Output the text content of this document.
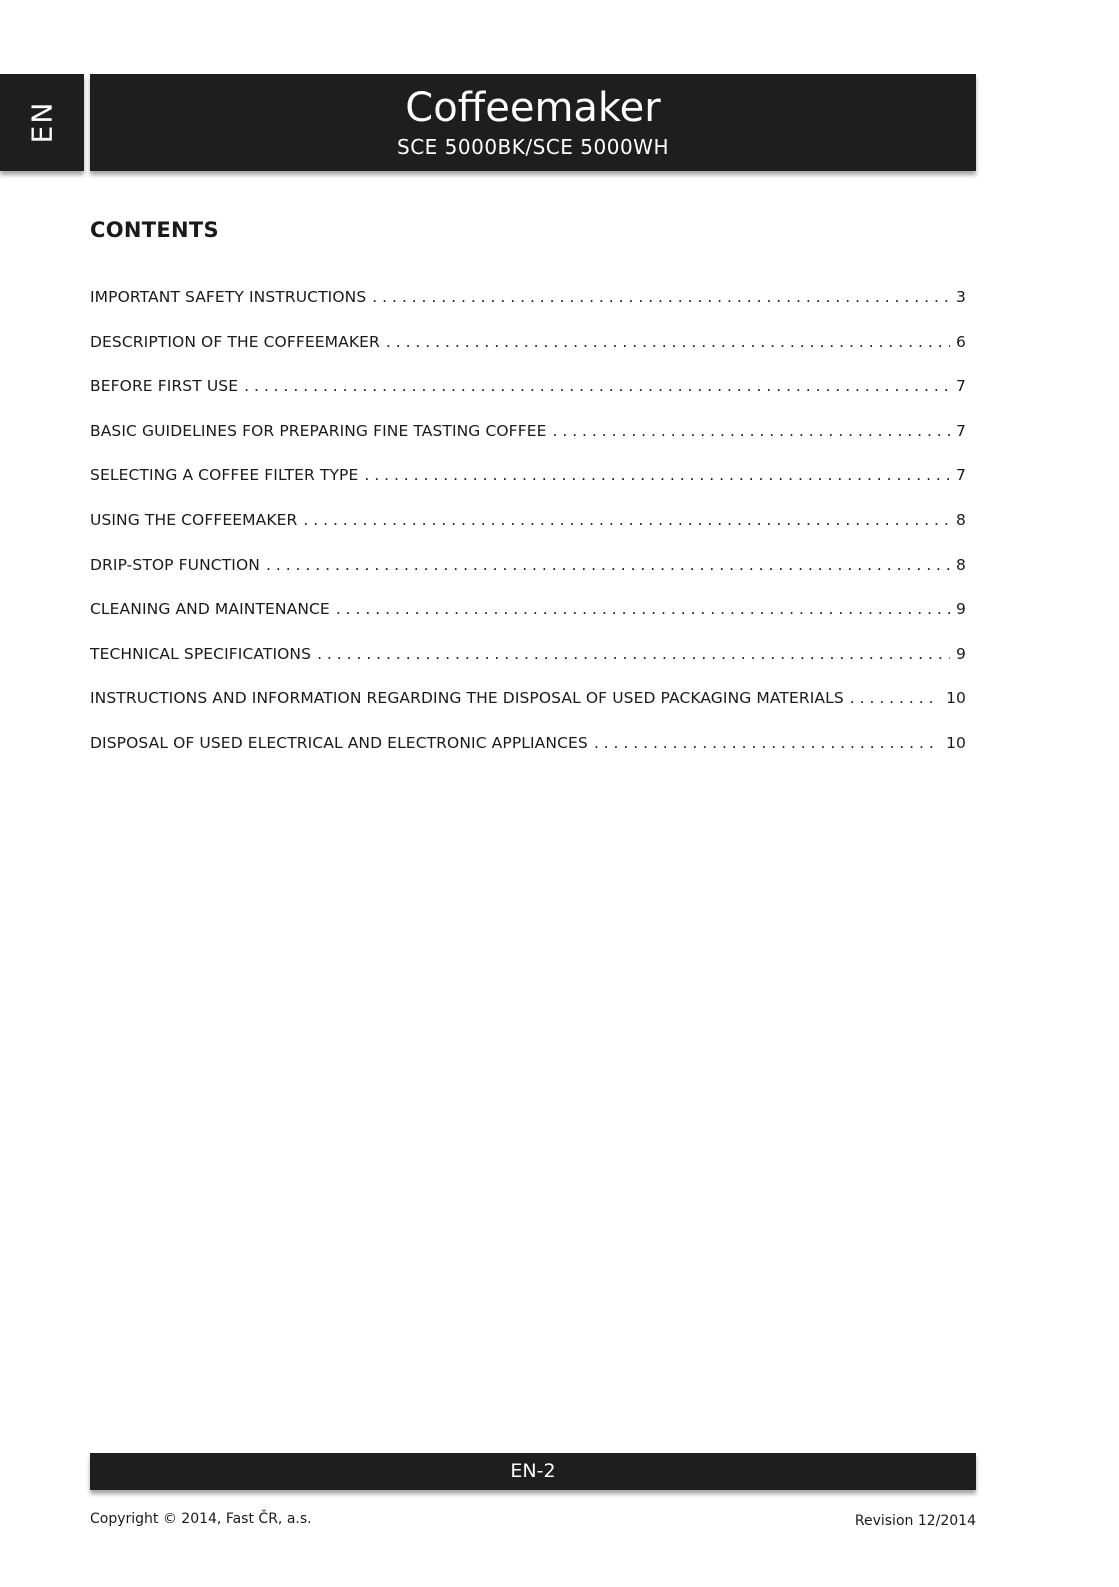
EN	Coffeemaker
SCE 5000BK/SCE 5000WH
CONTENTS
IMPORTANT SAFETY INSTRUCTIONS . . .	3
DESCRIPTION OF THE COFFEEMAKER . . .	6
BEFORE FIRST USE . . .	7
BASIC GUIDELINES FOR PREPARING FINE TASTING COFFEE . . .	7
SELECTING A COFFEE FILTER TYPE . . .	7
USING THE COFFEEMAKER . . .	8
DRIP-STOP FUNCTION . . .	8
CLEANING AND MAINTENANCE . . .	9
TECHNICAL SPECIFICATIONS . . .	9
INSTRUCTIONS AND INFORMATION REGARDING THE DISPOSAL OF USED PACKAGING MATERIALS . . .	10
DISPOSAL OF USED ELECTRICAL AND ELECTRONIC APPLIANCES . . .	10
EN-2
Copyright © 2014, Fast ČR, a.s.	Revision 12/2014
